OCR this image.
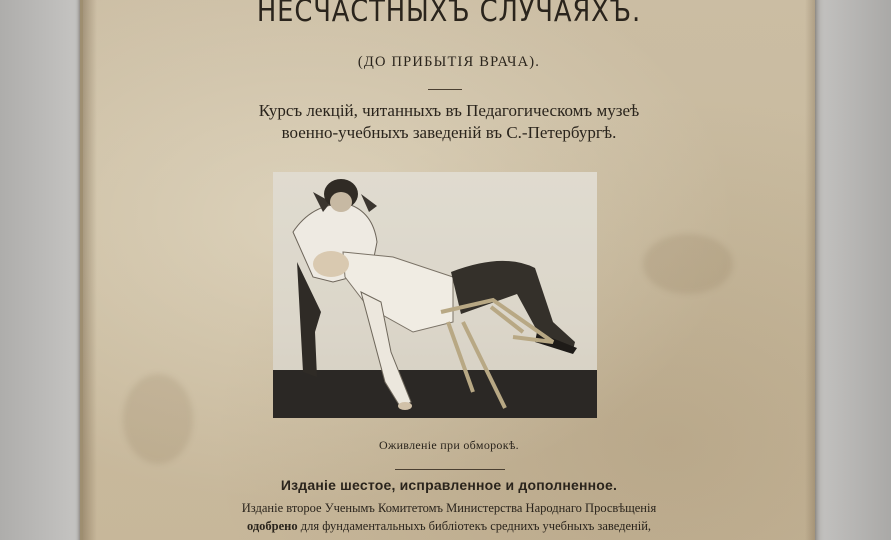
НЕСЧАСТНЫХЪ СЛУЧАЯХЪ.
(ДО ПРИБЫТІЯ ВРАЧА).
Курсъ лекцій, читанныхъ въ Педагогическомъ музеѣ
военно-учебныхъ заведеній въ С.-Петербургѣ.
Оживленіе при обморокѣ.
Изданіе шестое, исправленное и дополненное.
Изданіе второе Ученымъ Комитетомъ Министерства Народнаго Просвѣщенія
одобрено для фундаментальныхъ библіотекъ среднихъ учебныхъ заведеній,
